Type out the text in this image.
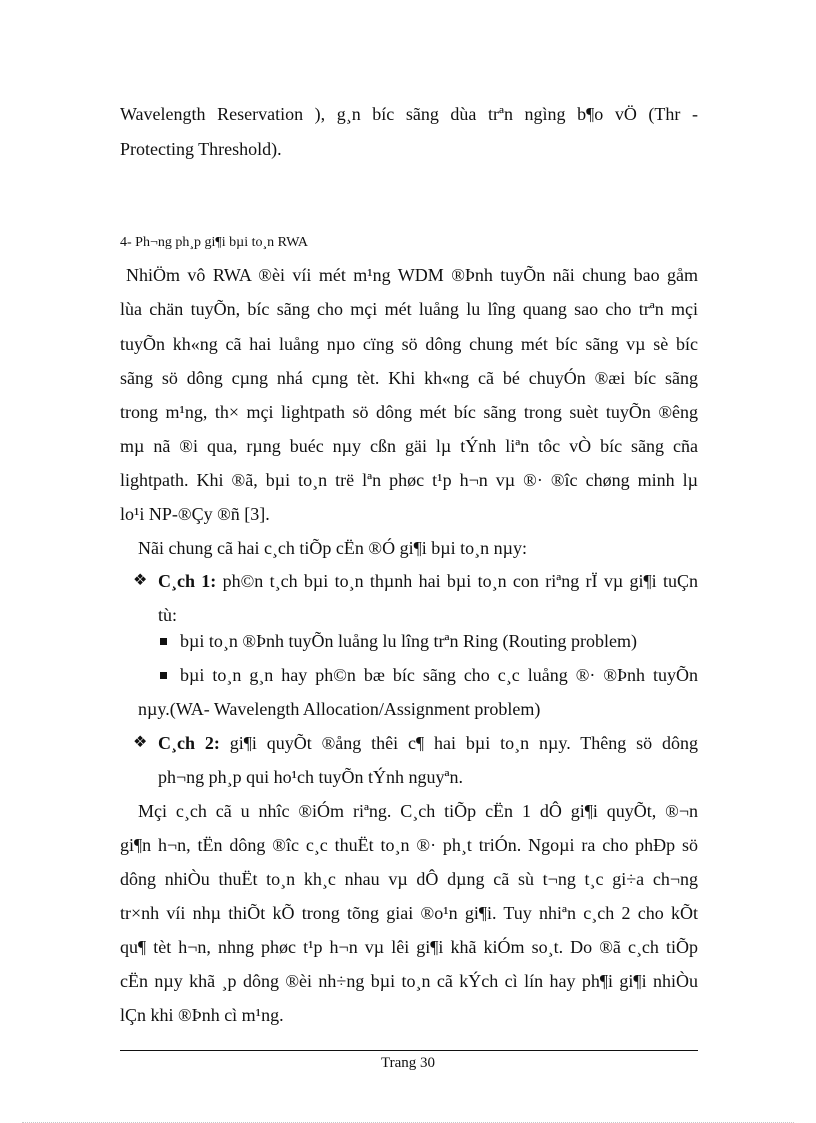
Wavelength Reservation ), g¸n bíc sãng dùa trªn ngìng b¶o vÖ (Thr -
Protecting Threshold).
4- Ph¬ng ph¸p gi¶i bµi to¸n RWA
NhiÖm vô RWA ®èi víi mét m¹ng WDM ®Þnh tuyÕn nãi chung bao gåm
lùa chän tuyÕn, bíc sãng cho mçi mét luång lu lîng quang sao cho trªn mçi
tuyÕn kh«ng cã hai luång nµo cïng sö dông chung mét bíc sãng vµ sè bíc
sãng sö dông cµng nhá cµng tèt. Khi kh«ng cã bé chuyÓn ®æi bíc sãng
trong m¹ng, th× mçi lightpath sö dông mét bíc sãng trong suèt tuyÕn ®êng
mµ nã ®i qua, rµng buéc nµy cßn gäi lµ tÝnh liªn tôc vÒ bíc sãng cña
lightpath. Khi ®ã, bµi to¸n trë lªn phøc t¹p h¬n vµ ®· ®îc chøng minh lµ
lo¹i NP-®Çy ®ñ [3].
Nãi chung cã hai c¸ch tiÕp cËn ®Ó gi¶i bµi to¸n nµy:
❖ C¸ch 1: ph©n t¸ch bµi to¸n thµnh hai bµi to¸n con riªng rÏ vµ gi¶i tuÇn
tù:
bµi to¸n ®Þnh tuyÕn luång lu lîng trªn Ring (Routing problem)
bµi to¸n g¸n hay ph©n bæ bíc sãng cho c¸c luång ®· ®Þnh tuyÕn
nµy.(WA- Wavelength Allocation/Assignment problem)
❖ C¸ch 2: gi¶i quyÕt ®ång thêi c¶ hai bµi to¸n nµy. Thêng sö dông
ph¬ng ph¸p qui ho¹ch tuyÕn tÝnh nguyªn.
Mçi c¸ch cã u nhîc ®iÓm riªng. C¸ch tiÕp cËn 1 dÔ gi¶i quyÕt, ®¬n
gi¶n h¬n, tËn dông ®îc c¸c thuËt to¸n ®· ph¸t triÓn. Ngoµi ra cho phÐp sö
dông nhiÒu thuËt to¸n kh¸c nhau vµ dÔ dµng cã sù t¬ng t¸c gi÷a ch¬ng
tr×nh víi nhµ thiÕt kÕ trong tõng giai ®o¹n gi¶i. Tuy nhiªn c¸ch 2 cho kÕt
qu¶ tèt h¬n, nhng phøc t¹p h¬n vµ lêi gi¶i khã kiÓm so¸t. Do ®ã c¸ch tiÕp
cËn nµy khã ¸p dông ®èi nh÷ng bµi to¸n cã kÝch cì lín hay ph¶i gi¶i nhiÒu
lÇn khi ®Þnh cì m¹ng.
Trang 30
